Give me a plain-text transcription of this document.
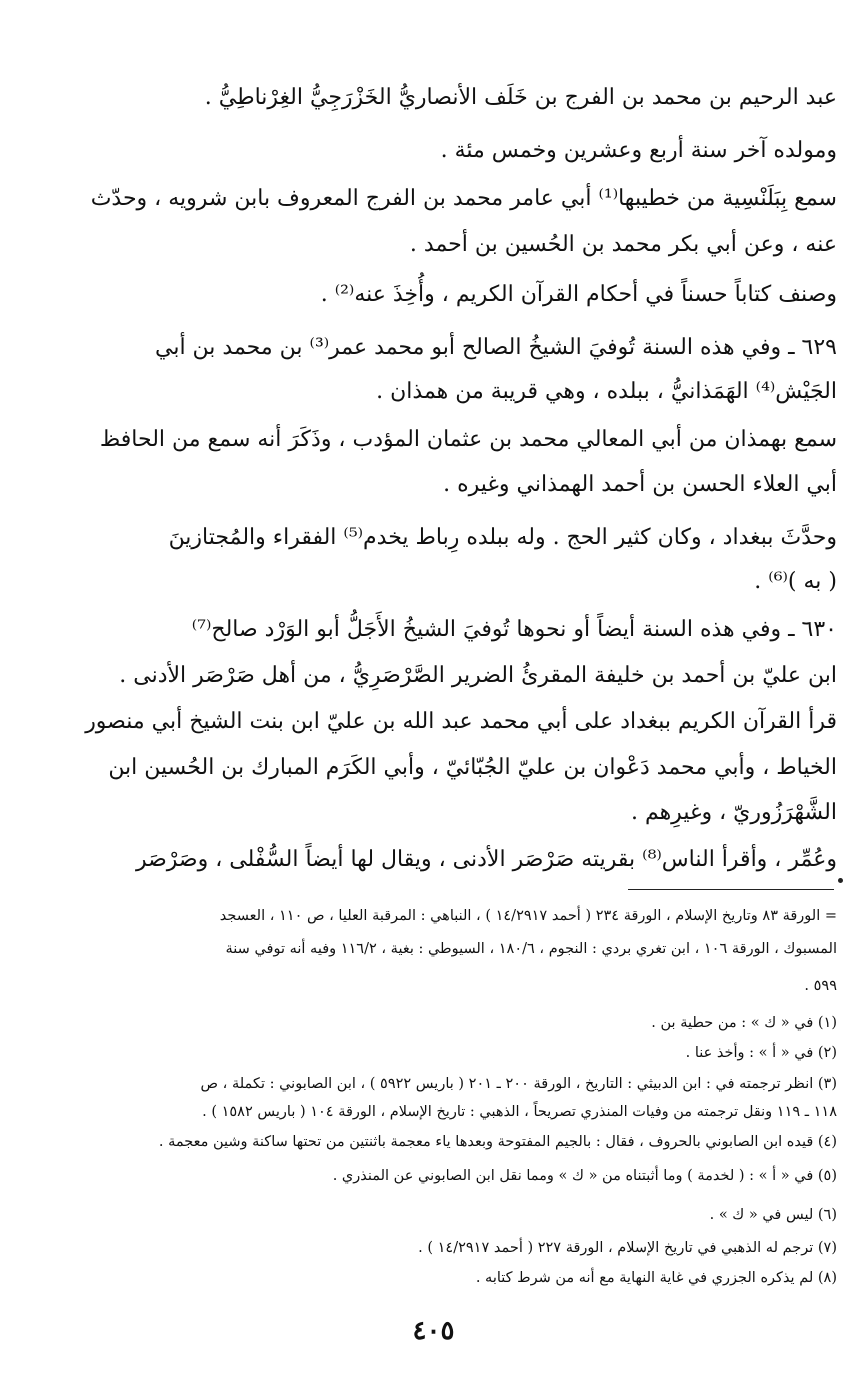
عبد الرحيم بن محمد بن الفرج بن خَلَف الأنصاريُّ الخَزْرَجِيُّ الغِرْناطِيُّ .
ومولده آخر سنة أربع وعشرين وخمس مئة .
سمع بِبَلَنْسِية من خطيبها⁽¹⁾ أبي عامر محمد بن الفرج المعروف بابن شرويه ، وحدّث
عنه ، وعن أبي بكر محمد بن الحُسين بن أحمد .
وصنف كتاباً حسناً في أحكام القرآن الكريم ، وأُخِذَ عنه⁽²⁾ .
٦٢٩ ـ وفي هذه السنة تُوفيَ الشيخُ الصالح أبو محمد عمر⁽³⁾ بن محمد بن أبي
الجَيْش⁽⁴⁾ الهَمَذانيُّ ، ببلده ، وهي قريبة من همذان .
سمع بهمذان من أبي المعالي محمد بن عثمان المؤدب ، وذَكَرَ أنه سمع من الحافظ
أبي العلاء الحسن بن أحمد الهمذاني وغيره .
وحدَّثَ ببغداد ، وكان كثير الحج . وله ببلده رِباط يخدم⁽⁵⁾ الفقراء والمُجتازينَ
( به )⁽⁶⁾ .
٦٣٠ ـ وفي هذه السنة أيضاً أو نحوها تُوفيَ الشيخُ الأَجَلُّ أبو الوَرْد صالح⁽⁷⁾
ابن عليّ بن أحمد بن خليفة المقرئُ الضرير الصَّرْصَرِيُّ ، من أهل صَرْصَر الأدنى .
قرأ القرآن الكريم ببغداد على أبي محمد عبد الله بن عليّ ابن بنت الشيخ أبي منصور
الخياط ، وأبي محمد دَعْوان بن عليّ الجُبّائيّ ، وأبي الكَرَم المبارك بن الحُسين ابن
الشَّهْرَزُوريّ ، وغيرِهم .
وعُمِّر ، وأقرأ الناس⁽⁸⁾ بقريته صَرْصَر الأدنى ، ويقال لها أيضاً السُّفْلى ، وصَرْصَر
= الورقة ٨٣ وتاريخ الإسلام ، الورقة ٢٣٤ ( أحمد ١٤/٢٩١٧ ) ، النباهي : المرقبة العليا ، ص ١١٠ ، العسجد
المسبوك ، الورقة ١٠٦ ، ابن تغري بردي : النجوم ، ١٨٠/٦ ، السيوطي : بغية ، ١١٦/٢ وفيه أنه توفي سنة
٥٩٩ .
(١) في « ك » : من حطية بن .
(٢) في « أ » : وأخذ عنا .
(٣) انظر ترجمته في : ابن الدبيثي : التاريخ ، الورقة ٢٠٠ ـ ٢٠١ ( باريس ٥٩٢٢ ) ، ابن الصابوني : تكملة ، ص
١١٨ ـ ١١٩ ونقل ترجمته من وفيات المنذري تصريحاً ، الذهبي : تاريخ الإسلام ، الورقة ١٠٤ ( باريس ١٥٨٢ ) .
(٤) قيده ابن الصابوني بالحروف ، فقال : بالجيم المفتوحة وبعدها ياء معجمة باثنتين من تحتها ساكنة وشين معجمة .
(٥) في « أ » : ( لخدمة ) وما أثبتناه من « ك » ومما نقل ابن الصابوني عن المنذري .
(٦) ليس في « ك » .
(٧) ترجم له الذهبي في تاريخ الإسلام ، الورقة ٢٢٧ ( أحمد ١٤/٢٩١٧ ) .
(٨) لم يذكره الجزري في غاية النهاية مع أنه من شرط كتابه .
٤٠٥
